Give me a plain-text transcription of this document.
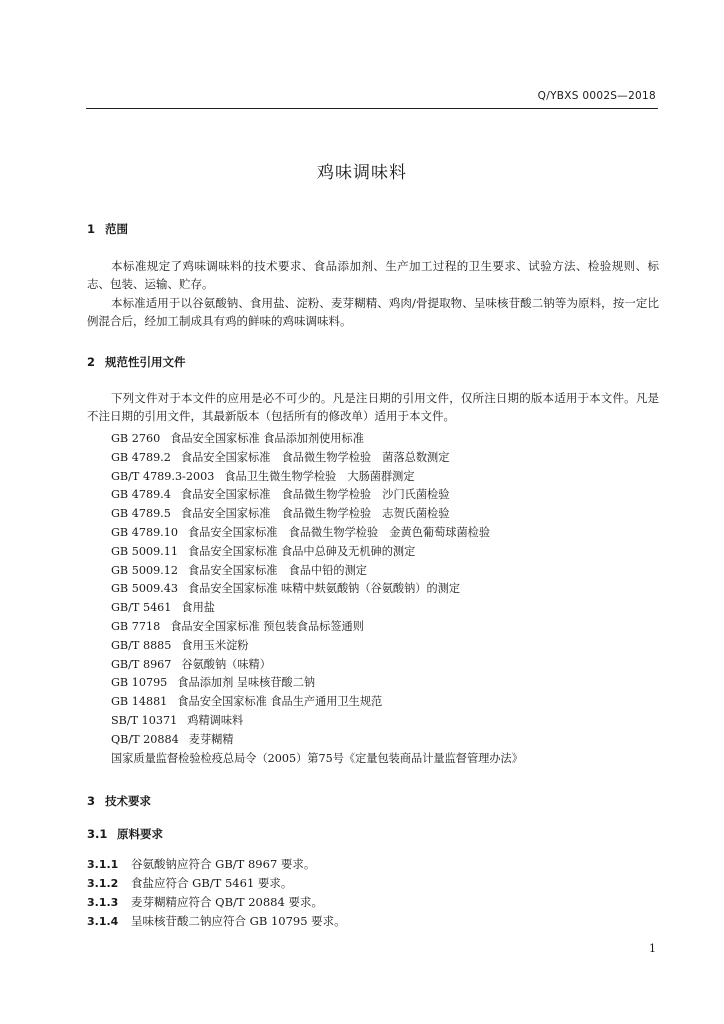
Q/YBXS 0002S—2018
鸡味调味料
1 范围
本标准规定了鸡味调味料的技术要求、食品添加剂、生产加工过程的卫生要求、试验方法、检验规则、标志、包装、运输、贮存。
本标准适用于以谷氨酸钠、食用盐、淀粉、麦芽糊精、鸡肉/骨提取物、呈味核苷酸二钠等为原料，按一定比例混合后，经加工制成具有鸡的鲜味的鸡味调味料。
2 规范性引用文件
下列文件对于本文件的应用是必不可少的。凡是注日期的引用文件，仅所注日期的版本适用于本文件。凡是不注日期的引用文件，其最新版本（包括所有的修改单）适用于本文件。
GB 2760 食品安全国家标准 食品添加剂使用标准
GB 4789.2 食品安全国家标准　食品微生物学检验　菌落总数测定
GB/T 4789.3-2003 食品卫生微生物学检验　大肠菌群测定
GB 4789.4 食品安全国家标准　食品微生物学检验　沙门氏菌检验
GB 4789.5 食品安全国家标准　食品微生物学检验　志贺氏菌检验
GB 4789.10 食品安全国家标准　食品微生物学检验　金黄色葡萄球菌检验
GB 5009.11 食品安全国家标准 食品中总砷及无机砷的测定
GB 5009.12 食品安全国家标准　食品中铅的测定
GB 5009.43 食品安全国家标准 味精中麸氨酸钠（谷氨酸钠）的测定
GB/T 5461 食用盐
GB 7718 食品安全国家标准 预包装食品标签通则
GB/T 8885 食用玉米淀粉
GB/T 8967 谷氨酸钠（味精）
GB 10795 食品添加剂 呈味核苷酸二钠
GB 14881 食品安全国家标准 食品生产通用卫生规范
SB/T 10371 鸡精调味料
QB/T 20884 麦芽糊精
国家质量监督检验检疫总局令（2005）第75号《定量包装商品计量监督管理办法》
3 技术要求
3.1 原料要求
3.1.1 谷氨酸钠应符合 GB/T 8967 要求。
3.1.2 食盐应符合 GB/T 5461 要求。
3.1.3 麦芽糊精应符合 QB/T 20884 要求。
3.1.4 呈味核苷酸二钠应符合 GB 10795 要求。
1
